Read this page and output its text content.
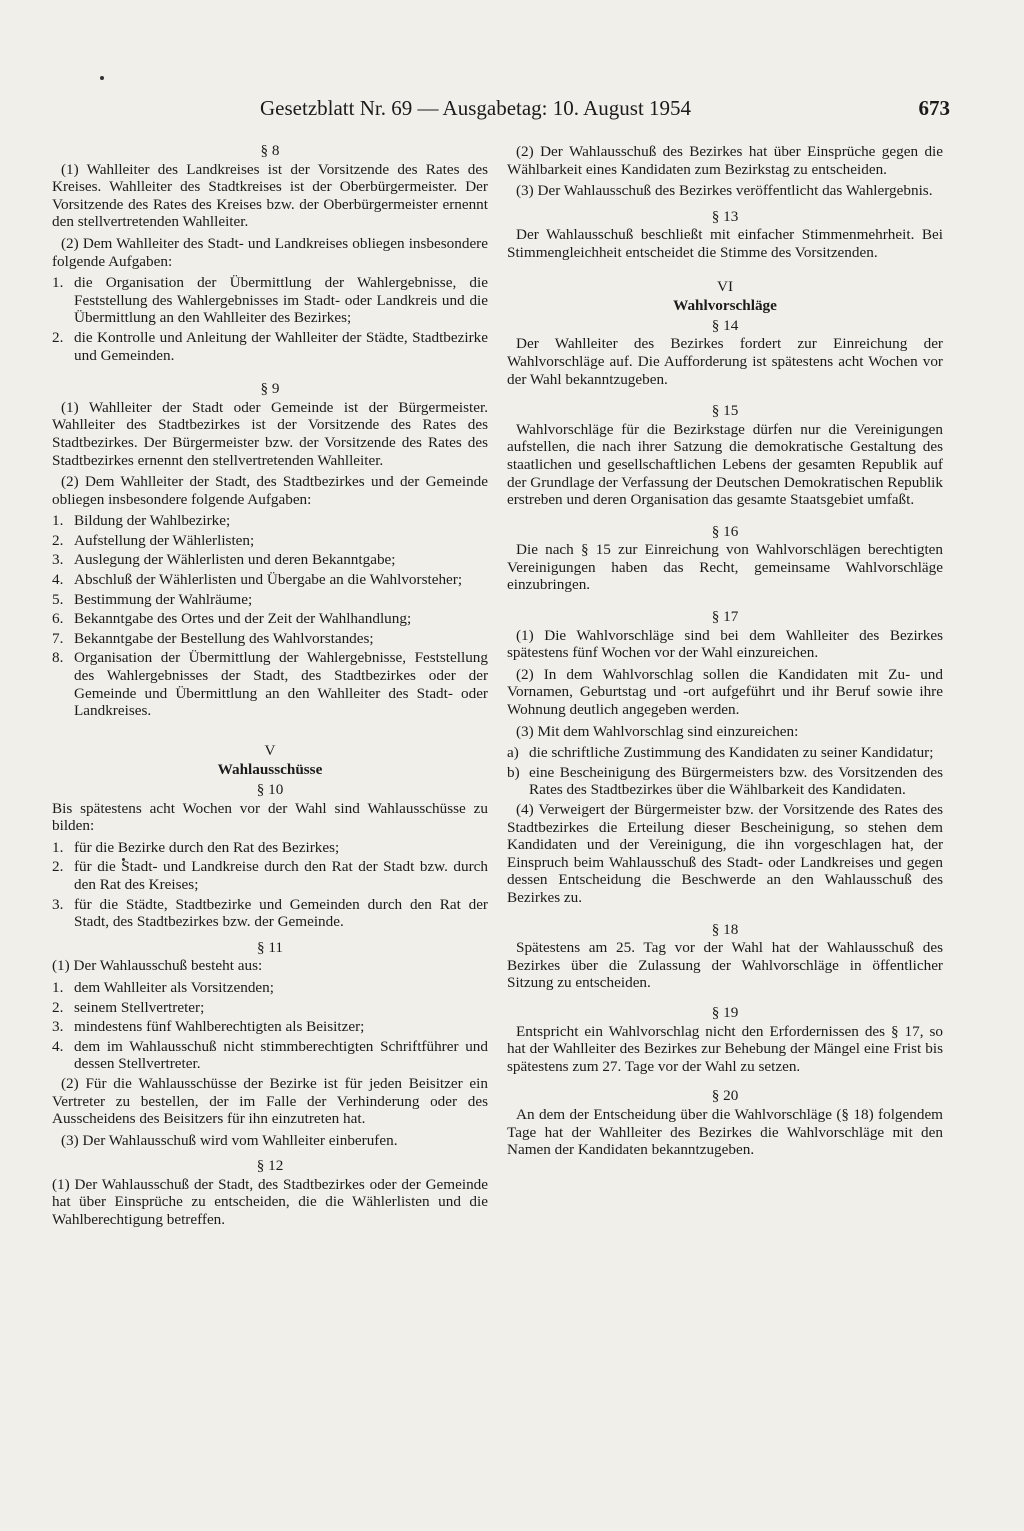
Gesetzblatt Nr. 69 — Ausgabetag: 10. August 1954	673
§ 8

(1) Wahlleiter des Landkreises ist der Vorsitzende des Rates des Kreises. Wahlleiter des Stadtkreises ist der Oberbürgermeister. Der Vorsitzende des Rates des Kreises bzw. der Oberbürgermeister ernennt den stellvertretenden Wahlleiter.

(2) Dem Wahlleiter des Stadt- und Landkreises obliegen insbesondere folgende Aufgaben:

1. die Organisation der Übermittlung der Wahlergebnisse, die Feststellung des Wahlergebnisses im Stadt- oder Landkreis und die Übermittlung an den Wahlleiter des Bezirkes;
2. die Kontrolle und Anleitung der Wahlleiter der Städte, Stadtbezirke und Gemeinden.
§ 9

(1) Wahlleiter der Stadt oder Gemeinde ist der Bürgermeister. Wahlleiter des Stadtbezirkes ist der Vorsitzende des Rates des Stadtbezirkes. Der Bürgermeister bzw. der Vorsitzende des Rates des Stadtbezirkes ernennt den stellvertretenden Wahlleiter.

(2) Dem Wahlleiter der Stadt, des Stadtbezirkes und der Gemeinde obliegen insbesondere folgende Aufgaben:

1. Bildung der Wahlbezirke;
2. Aufstellung der Wählerlisten;
3. Auslegung der Wählerlisten und deren Bekanntgabe;
4. Abschluß der Wählerlisten und Übergabe an die Wahlvorsteher;
5. Bestimmung der Wahlräume;
6. Bekanntgabe des Ortes und der Zeit der Wahlhandlung;
7. Bekanntgabe der Bestellung des Wahlvorstandes;
8. Organisation der Übermittlung der Wahlergebnisse, Feststellung des Wahlergebnisses der Stadt, des Stadtbezirkes oder der Gemeinde und Übermittlung an den Wahlleiter des Stadt- oder Landkreises.
V
Wahlausschüsse
§ 10

Bis spätestens acht Wochen vor der Wahl sind Wahlausschüsse zu bilden:

1. für die Bezirke durch den Rat des Bezirkes;
2. für die Stadt- und Landkreise durch den Rat der Stadt bzw. durch den Rat des Kreises;
3. für die Städte, Stadtbezirke und Gemeinden durch den Rat der Stadt, des Stadtbezirkes bzw. der Gemeinde.
§ 11

(1) Der Wahlausschuß besteht aus:

1. dem Wahlleiter als Vorsitzenden;
2. seinem Stellvertreter;
3. mindestens fünf Wahlberechtigten als Beisitzer;
4. dem im Wahlausschuß nicht stimmberechtigten Schriftführer und dessen Stellvertreter.

(2) Für die Wahlausschüsse der Bezirke ist für jeden Beisitzer ein Vertreter zu bestellen, der im Falle der Verhinderung oder des Ausscheidens des Beisitzers für ihn einzutreten hat.

(3) Der Wahlausschuß wird vom Wahlleiter einberufen.

§ 12

(1) Der Wahlausschuß der Stadt, des Stadtbezirkes oder der Gemeinde hat über Einsprüche zu entscheiden, die die Wählerlisten und die Wahlberechtigung betreffen.

(2) Der Wahlausschuß des Bezirkes hat über Einsprüche gegen die Wählbarkeit eines Kandidaten zum Bezirkstag zu entscheiden.

(3) Der Wahlausschuß des Bezirkes veröffentlicht das Wahlergebnis.

§ 13

Der Wahlausschuß beschließt mit einfacher Stimmenmehrheit. Bei Stimmengleichheit entscheidet die Stimme des Vorsitzenden.

VI
Wahlvorschläge
§ 14

Der Wahlleiter des Bezirkes fordert zur Einreichung der Wahlvorschläge auf. Die Aufforderung ist spätestens acht Wochen vor der Wahl bekanntzugeben.

§ 15

Wahlvorschläge für die Bezirkstage dürfen nur die Vereinigungen aufstellen, die nach ihrer Satzung die demokratische Gestaltung des staatlichen und gesellschaftlichen Lebens der gesamten Republik auf der Grundlage der Verfassung der Deutschen Demokratischen Republik erstreben und deren Organisation das gesamte Staatsgebiet umfaßt.

§ 16

Die nach § 15 zur Einreichung von Wahlvorschlägen berechtigten Vereinigungen haben das Recht, gemeinsame Wahlvorschläge einzubringen.

§ 17

(1) Die Wahlvorschläge sind bei dem Wahlleiter des Bezirkes spätestens fünf Wochen vor der Wahl einzureichen.

(2) In dem Wahlvorschlag sollen die Kandidaten mit Zu- und Vornamen, Geburtstag und -ort aufgeführt und ihr Beruf sowie ihre Wohnung deutlich angegeben werden.

(3) Mit dem Wahlvorschlag sind einzureichen:

a) die schriftliche Zustimmung des Kandidaten zu seiner Kandidatur;
b) eine Bescheinigung des Bürgermeisters bzw. des Vorsitzenden des Rates des Stadtbezirkes über die Wählbarkeit des Kandidaten.

(4) Verweigert der Bürgermeister bzw. der Vorsitzende des Rates des Stadtbezirkes die Erteilung dieser Bescheinigung, so stehen dem Kandidaten und der Vereinigung, die ihn vorgeschlagen hat, der Einspruch beim Wahlausschuß des Stadt- oder Landkreises und gegen dessen Entscheidung die Beschwerde an den Wahlausschuß des Bezirkes zu.

§ 18

Spätestens am 25. Tag vor der Wahl hat der Wahlausschuß des Bezirkes über die Zulassung der Wahlvorschläge in öffentlicher Sitzung zu entscheiden.

§ 19

Entspricht ein Wahlvorschlag nicht den Erfordernissen des § 17, so hat der Wahlleiter des Bezirkes zur Behebung der Mängel eine Frist bis spätestens zum 27. Tage vor der Wahl zu setzen.

§ 20

An dem der Entscheidung über die Wahlvorschläge (§ 18) folgendem Tage hat der Wahlleiter des Bezirkes die Wahlvorschläge mit den Namen der Kandidaten bekanntzugeben.
